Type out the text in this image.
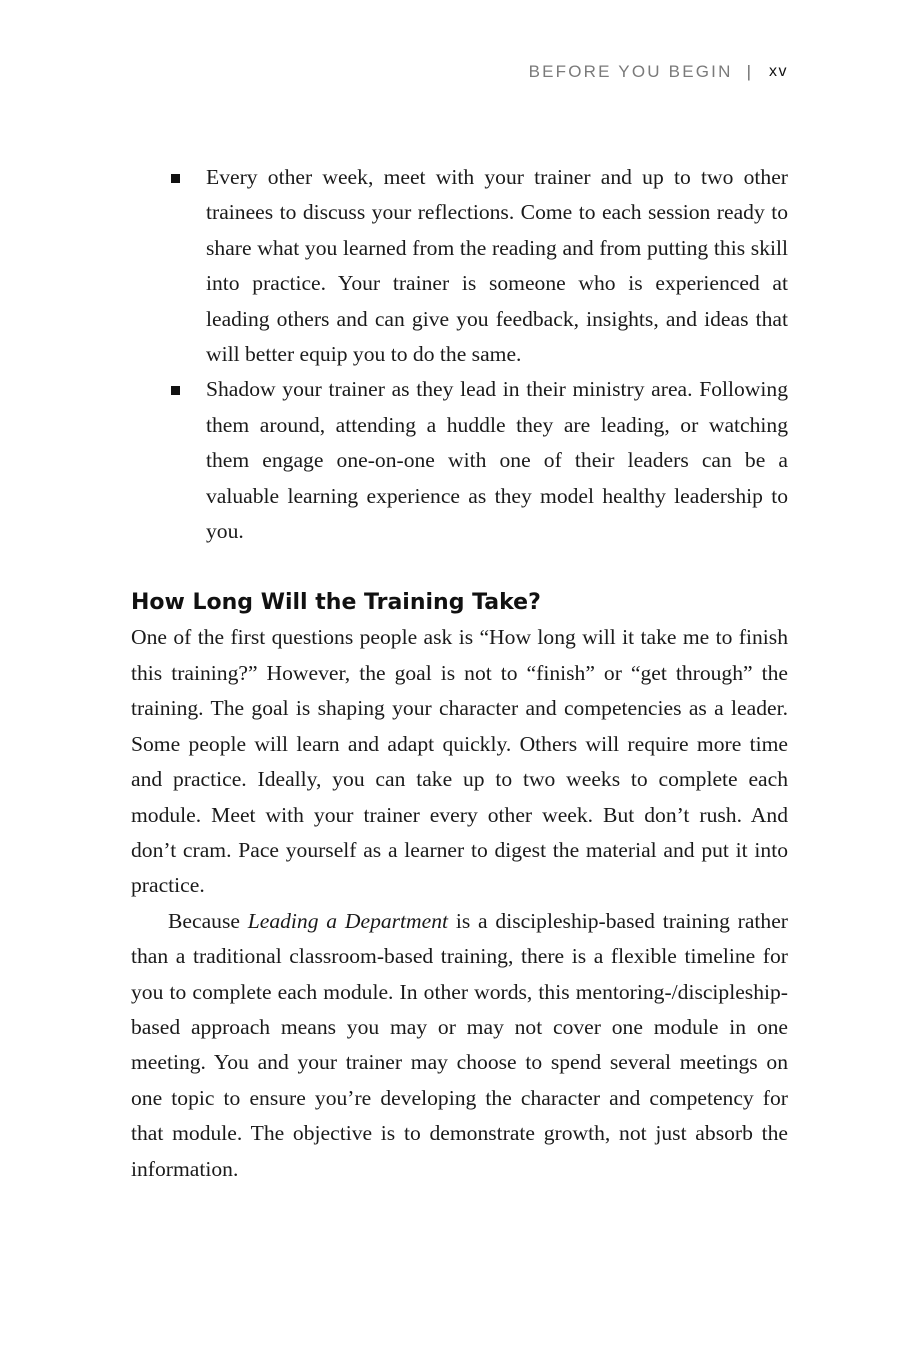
BEFORE YOU BEGIN | xv
Every other week, meet with your trainer and up to two other trainees to discuss your reflections. Come to each session ready to share what you learned from the reading and from putting this skill into practice. Your trainer is someone who is experienced at leading others and can give you feedback, insights, and ideas that will better equip you to do the same.
Shadow your trainer as they lead in their ministry area. Following them around, attending a huddle they are leading, or watching them engage one-on-one with one of their leaders can be a valuable learning experience as they model healthy leadership to you.
How Long Will the Training Take?

One of the first questions people ask is “How long will it take me to finish this training?” However, the goal is not to “finish” or “get through” the training. The goal is shaping your character and competencies as a leader. Some people will learn and adapt quickly. Others will require more time and practice. Ideally, you can take up to two weeks to complete each module. Meet with your trainer every other week. But don’t rush. And don’t cram. Pace yourself as a learner to digest the material and put it into practice.

Because Leading a Department is a discipleship-based training rather than a traditional classroom-based training, there is a flexible timeline for you to complete each module. In other words, this mentoring-/discipleship-based approach means you may or may not cover one module in one meeting. You and your trainer may choose to spend several meetings on one topic to ensure you’re developing the character and competency for that module. The objective is to demonstrate growth, not just absorb the information.
